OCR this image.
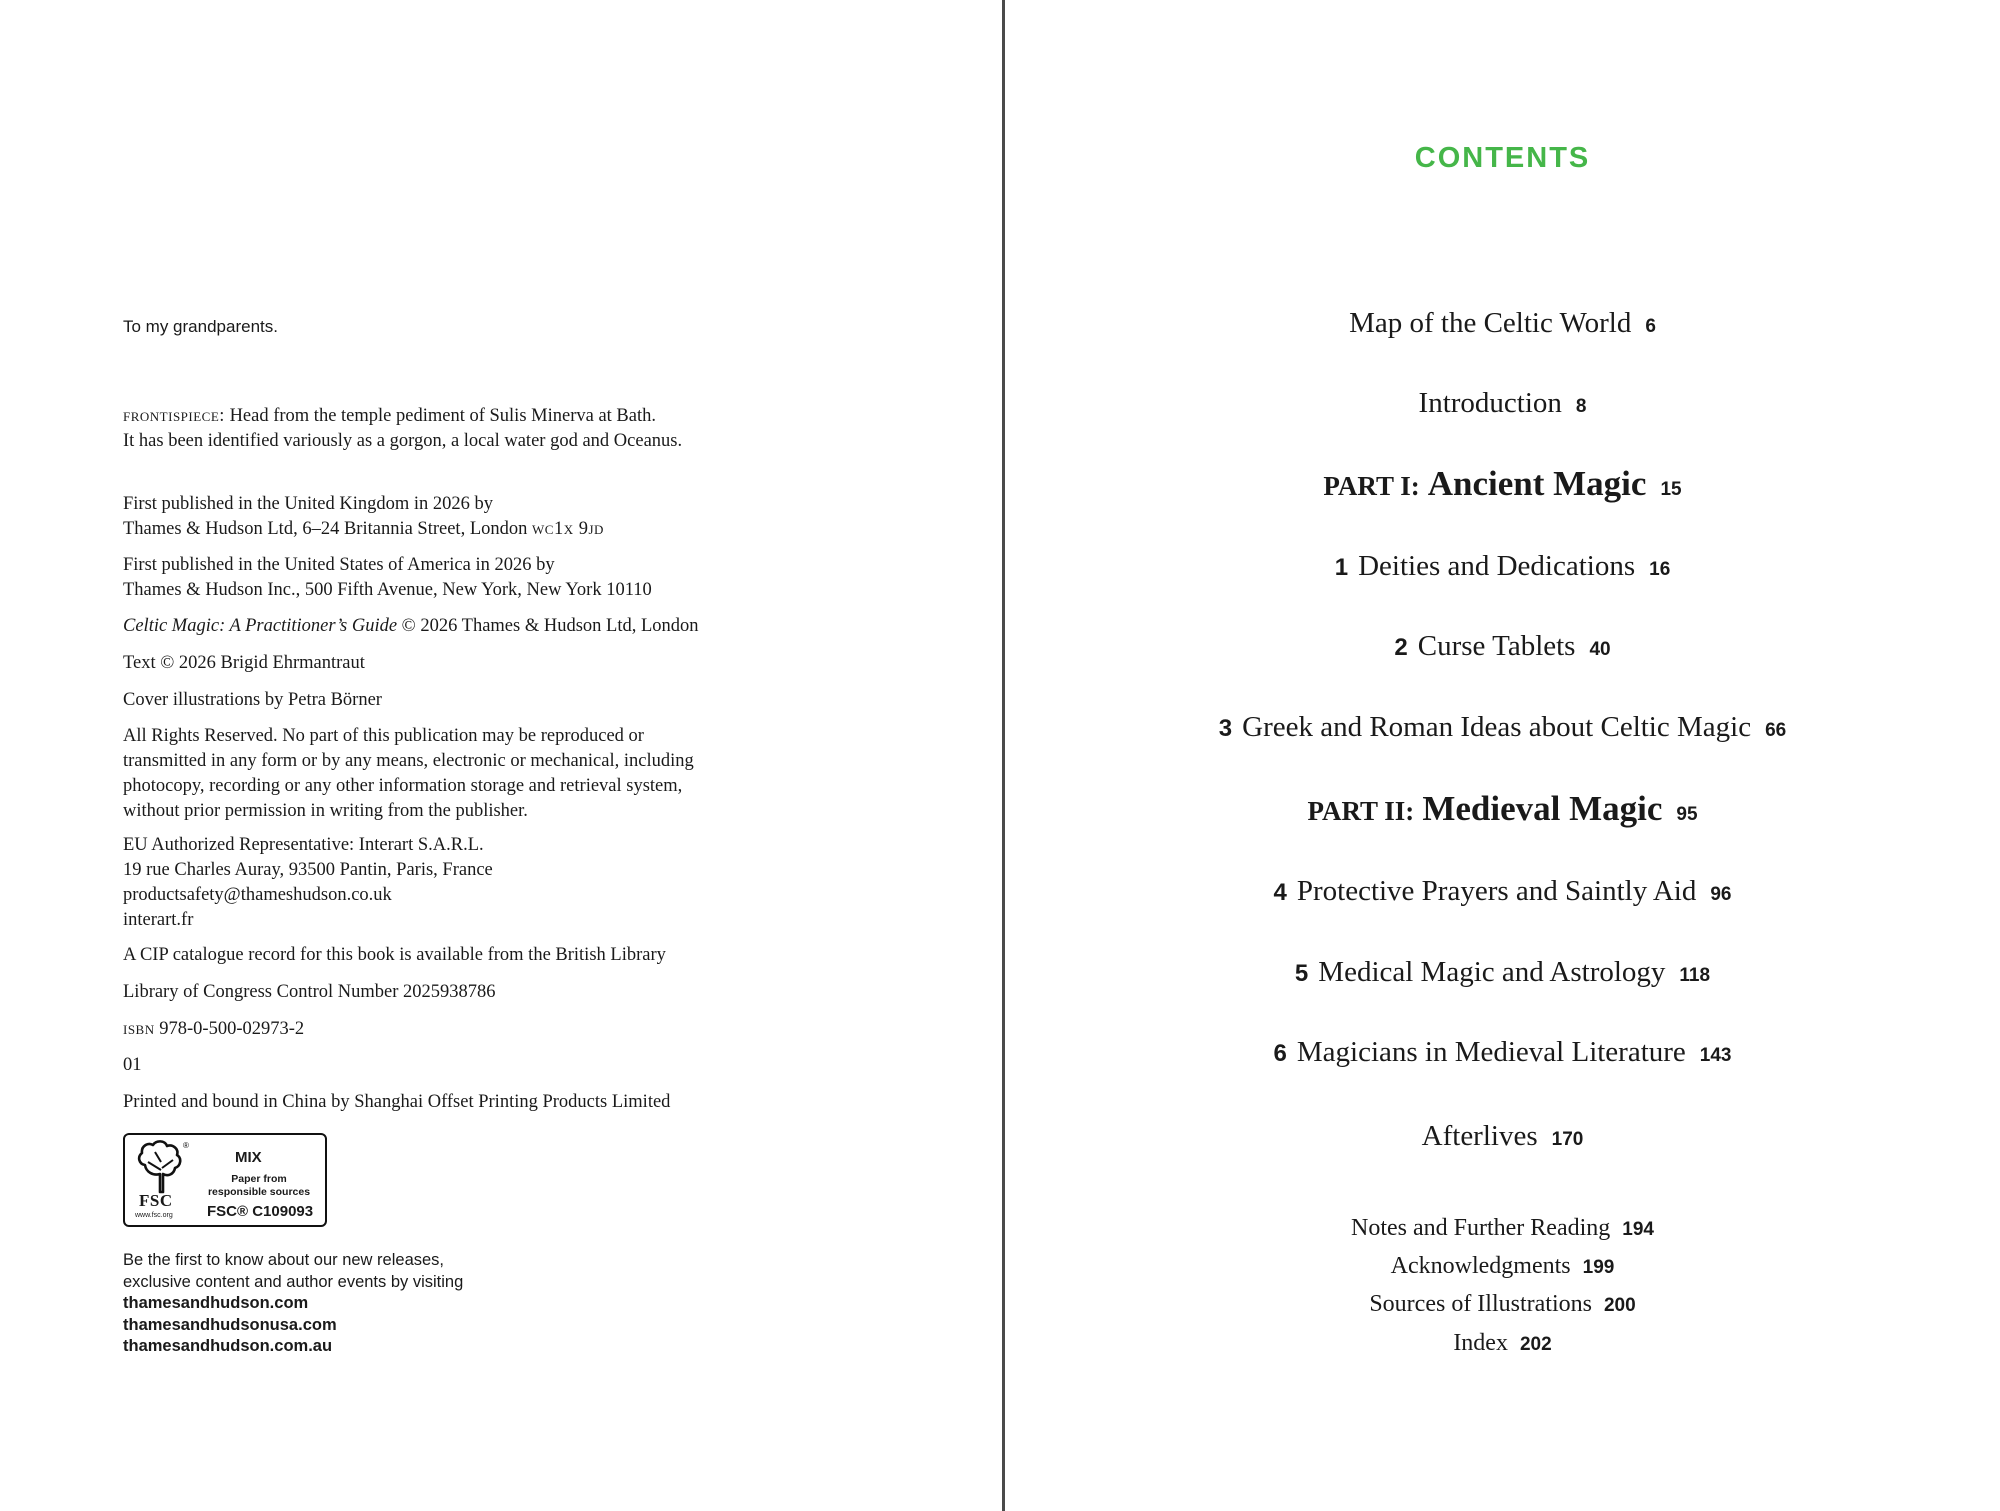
To my grandparents.
frontispiece: Head from the temple pediment of Sulis Minerva at Bath.
It has been identified variously as a gorgon, a local water god and Oceanus.
First published in the United Kingdom in 2026 by
Thames & Hudson Ltd, 6–24 Britannia Street, London wc1x 9jd
First published in the United States of America in 2026 by
Thames & Hudson Inc., 500 Fifth Avenue, New York, New York 10110
Celtic Magic: A Practitioner’s Guide © 2026 Thames & Hudson Ltd, London
Text © 2026 Brigid Ehrmantraut
Cover illustrations by Petra Börner
All Rights Reserved. No part of this publication may be reproduced or
transmitted in any form or by any means, electronic or mechanical, including
photocopy, recording or any other information storage and retrieval system,
without prior permission in writing from the publisher.
EU Authorized Representative: Interart S.A.R.L.
19 rue Charles Auray, 93500 Pantin, Paris, France
productsafety@thameshudson.co.uk
interart.fr
A CIP catalogue record for this book is available from the British Library
Library of Congress Control Number 2025938786
isbn 978-0-500-02973-2
01
Printed and bound in China by Shanghai Offset Printing Products Limited
®
FSC
www.fsc.org
MIX
Paper from
responsible sources
FSC® C109093
Be the first to know about our new releases,
exclusive content and author events by visiting
thamesandhudson.com
thamesandhudsonusa.com
thamesandhudson.com.au
CONTENTS
Map of the Celtic World 6
Introduction 8
PART I: Ancient Magic 15
1 Deities and Dedications 16
2 Curse Tablets 40
3 Greek and Roman Ideas about Celtic Magic 66
PART II: Medieval Magic 95
4 Protective Prayers and Saintly Aid 96
5 Medical Magic and Astrology 118
6 Magicians in Medieval Literature 143
Afterlives 170
Notes and Further Reading 194
Acknowledgments 199
Sources of Illustrations 200
Index 202
